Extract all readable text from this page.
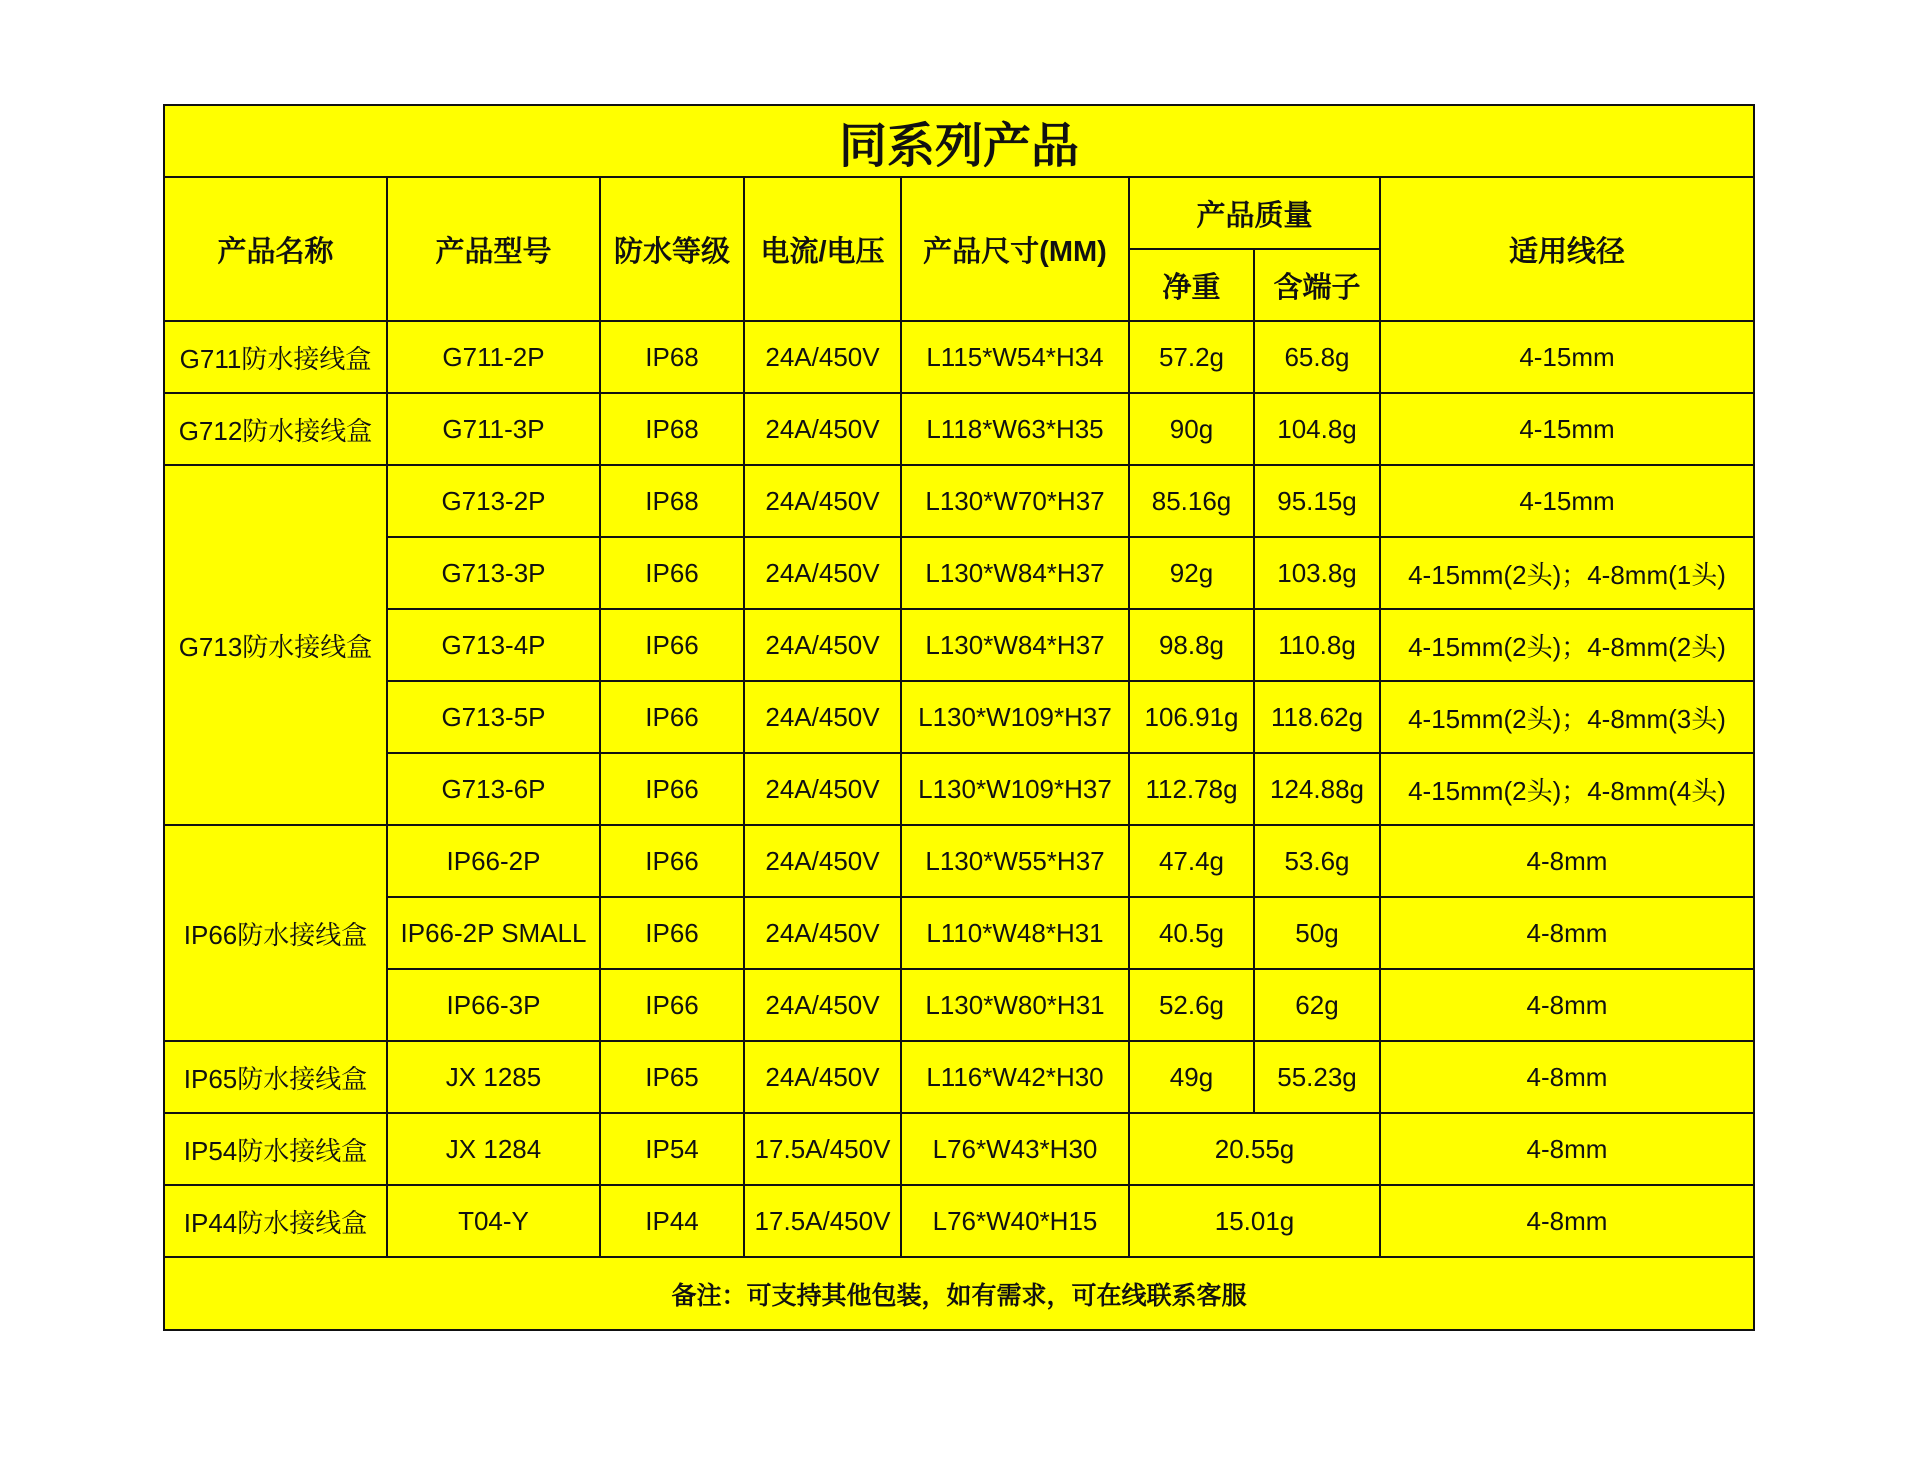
同系列产品							
产品名称	产品型号	防水等级	电流/电压	产品尺寸(MM)	产品质量		适用线径
					净重	含端子	
G711防水接线盒	G711-2P	IP68	24A/450V	L115*W54*H34	57.2g	65.8g	4-15mm
G712防水接线盒	G711-3P	IP68	24A/450V	L118*W63*H35	90g	104.8g	4-15mm
G713防水接线盒	G713-2P	IP68	24A/450V	L130*W70*H37	85.16g	95.15g	4-15mm
	G713-3P	IP66	24A/450V	L130*W84*H37	92g	103.8g	4-15mm(2头)；4-8mm(1头)
	G713-4P	IP66	24A/450V	L130*W84*H37	98.8g	110.8g	4-15mm(2头)；4-8mm(2头)
	G713-5P	IP66	24A/450V	L130*W109*H37	106.91g	118.62g	4-15mm(2头)；4-8mm(3头)
	G713-6P	IP66	24A/450V	L130*W109*H37	112.78g	124.88g	4-15mm(2头)；4-8mm(4头)
IP66防水接线盒	IP66-2P	IP66	24A/450V	L130*W55*H37	47.4g	53.6g	4-8mm
	IP66-2P SMALL	IP66	24A/450V	L110*W48*H31	40.5g	50g	4-8mm
	IP66-3P	IP66	24A/450V	L130*W80*H31	52.6g	62g	4-8mm
IP65防水接线盒	JX 1285	IP65	24A/450V	L116*W42*H30	49g	55.23g	4-8mm
IP54防水接线盒	JX 1284	IP54	17.5A/450V	L76*W43*H30	20.55g		4-8mm
IP44防水接线盒	T04-Y	IP44	17.5A/450V	L76*W40*H15	15.01g		4-8mm
备注：可支持其他包装，如有需求，可在线联系客服							
